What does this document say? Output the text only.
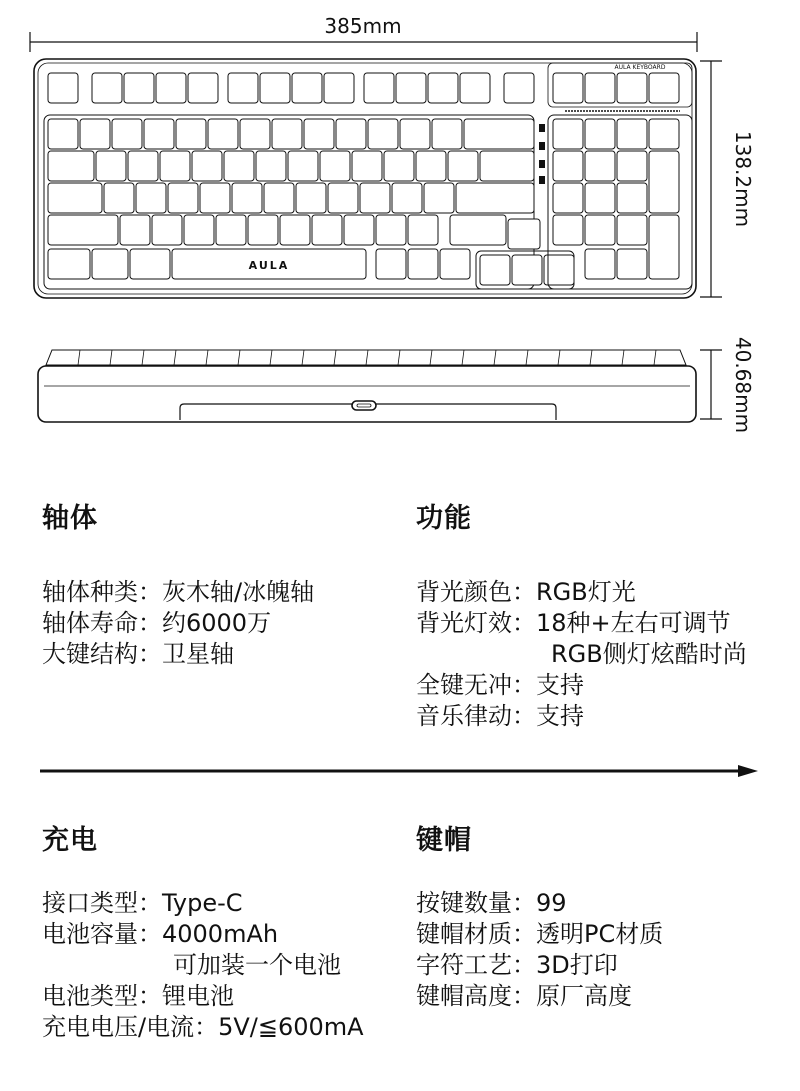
385mm
138.2mm
AULA KEYBOARD
AULA
40.68mm
轴体	功能
轴体种类：灰木轴/冰魄轴
轴体寿命：约6000万
大键结构：卫星轴
背光颜色：RGB灯光
背光灯效：18种+左右可调节
RGB侧灯炫酷时尚
全键无冲：支持
音乐律动：支持
充电	键帽
接口类型：Type-C
电池容量：4000mAh
可加装一个电池
电池类型：锂电池
充电电压/电流：5V/≦600mA
按键数量：99
键帽材质：透明PC材质
字符工艺：3D打印
键帽高度：原厂高度
